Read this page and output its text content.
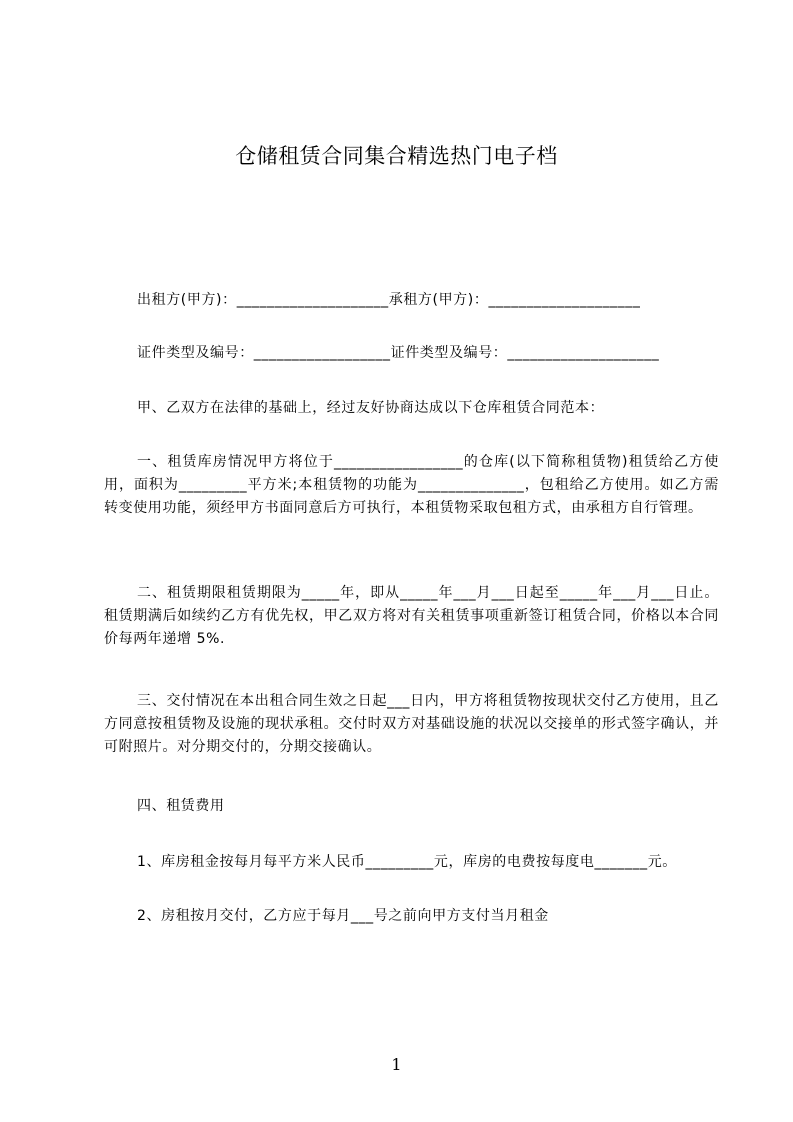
仓储租赁合同集合精选热门电子档
出租方(甲方)：____________________承租方(甲方)：____________________
证件类型及编号：__________________证件类型及编号：____________________
甲、乙双方在法律的基础上，经过友好协商达成以下仓库租赁合同范本：
一、租赁库房情况甲方将位于_________________的仓库(以下简称租赁物)租赁给乙方使用，面积为_________平方米;本租赁物的功能为______________，包租给乙方使用。如乙方需转变使用功能，须经甲方书面同意后方可执行，本租赁物采取包租方式，由承租方自行管理。
二、租赁期限租赁期限为_____年，即从_____年___月___日起至_____年___月___日止。租赁期满后如续约乙方有优先权，甲乙双方将对有关租赁事项重新签订租赁合同，价格以本合同价每两年递增 5%.
三、交付情况在本出租合同生效之日起___日内，甲方将租赁物按现状交付乙方使用，且乙方同意按租赁物及设施的现状承租。交付时双方对基础设施的状况以交接单的形式签字确认，并可附照片。对分期交付的，分期交接确认。
四、租赁费用
1、库房租金按每月每平方米人民币_________元，库房的电费按每度电_______元。
2、房租按月交付，乙方应于每月___号之前向甲方支付当月租金
1
